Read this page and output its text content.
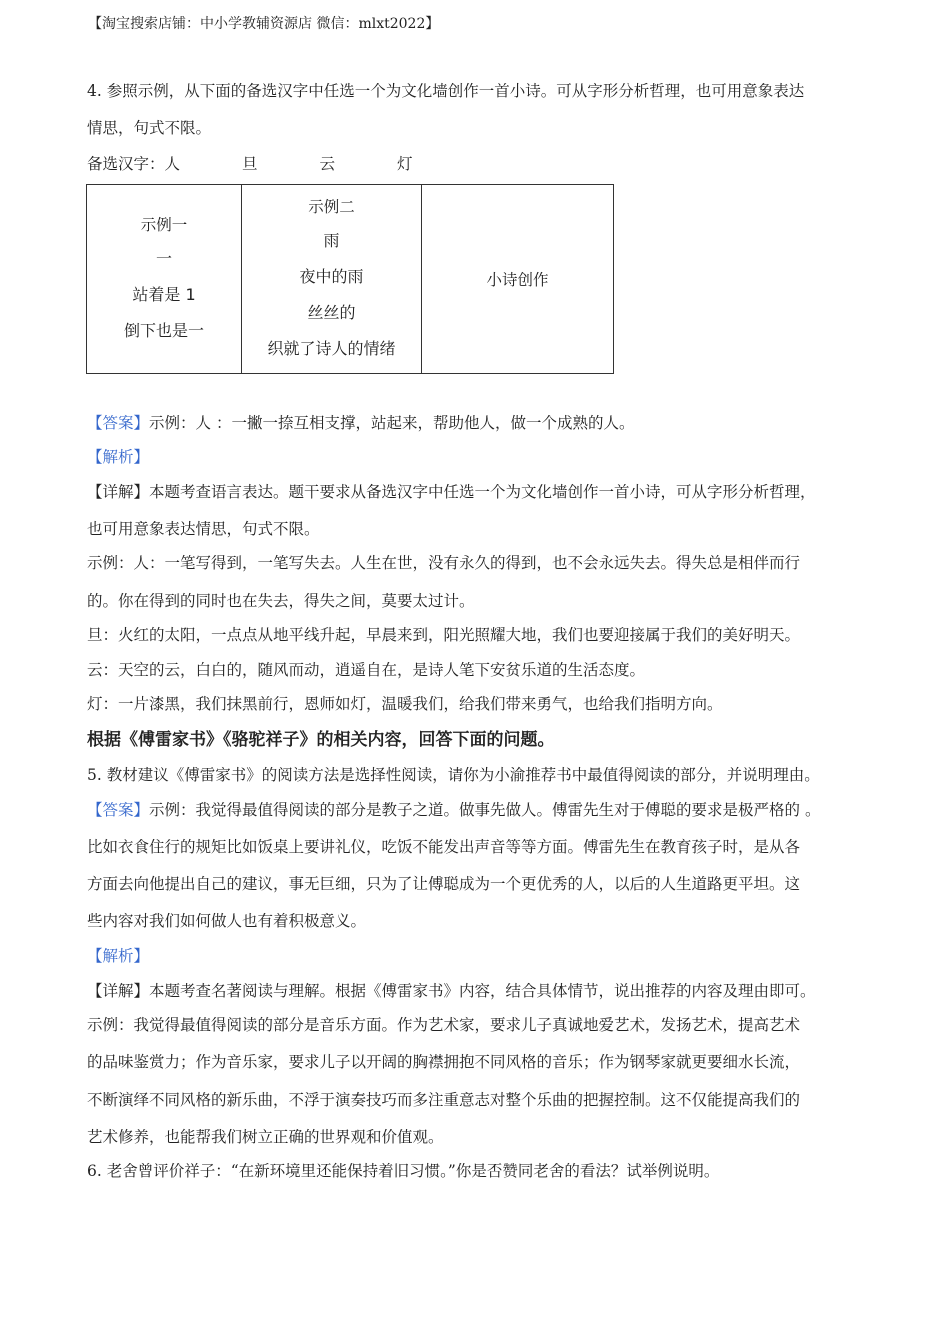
【淘宝搜索店铺：中小学教辅资源店 微信：mlxt2022】
4. 参照示例，从下面的备选汉字中任选一个为文化墙创作一首小诗。可从字形分析哲理，也可用意象表达
情思，句式不限。
备选汉字：人	旦	云	灯
示例一
一
站着是 1
倒下也是一

示例二
雨
夜中的雨
丝丝的
织就了诗人的情绪

小诗创作
【答案】示例：人 ：一撇一捺互相支撑，站起来，帮助他人，做一个成熟的人。
【解析】
【详解】本题考查语言表达。题干要求从备选汉字中任选一个为文化墙创作一首小诗，可从字形分析哲理，
也可用意象表达情思，句式不限。
示例：人：一笔写得到，一笔写失去。人生在世，没有永久的得到，也不会永远失去。得失总是相伴而行
的。你在得到的同时也在失去，得失之间，莫要太过计。
旦：火红的太阳，一点点从地平线升起，早晨来到，阳光照耀大地，我们也要迎接属于我们的美好明天。
云：天空的云，白白的，随风而动，逍遥自在，是诗人笔下安贫乐道的生活态度。
灯：一片漆黑，我们抹黑前行，恩师如灯，温暖我们，给我们带来勇气，也给我们指明方向。
根据《傅雷家书》《骆驼祥子》的相关内容，回答下面的问题。
5. 教材建议《傅雷家书》的阅读方法是选择性阅读，请你为小渝推荐书中最值得阅读的部分，并说明理由。
【答案】示例：我觉得最值得阅读的部分是教子之道。做事先做人。傅雷先生对于傅聪的要求是极严格的 。
比如衣食住行的规矩比如饭桌上要讲礼仪，吃饭不能发出声音等等方面。傅雷先生在教育孩子时，是从各
方面去向他提出自己的建议，事无巨细，只为了让傅聪成为一个更优秀的人，以后的人生道路更平坦。这
些内容对我们如何做人也有着积极意义。
【解析】
【详解】本题考查名著阅读与理解。根据《傅雷家书》内容，结合具体情节，说出推荐的内容及理由即可。
示例：我觉得最值得阅读的部分是音乐方面。作为艺术家，要求儿子真诚地爱艺术，发扬艺术，提高艺术
的品味鉴赏力；作为音乐家，要求儿子以开阔的胸襟拥抱不同风格的音乐；作为钢琴家就更要细水长流，
不断演绎不同风格的新乐曲，不浮于演奏技巧而多注重意志对整个乐曲的把握控制。这不仅能提高我们的
艺术修养，也能帮我们树立正确的世界观和价值观。
6. 老舍曾评价祥子：“在新环境里还能保持着旧习惯。”你是否赞同老舍的看法？试举例说明。
